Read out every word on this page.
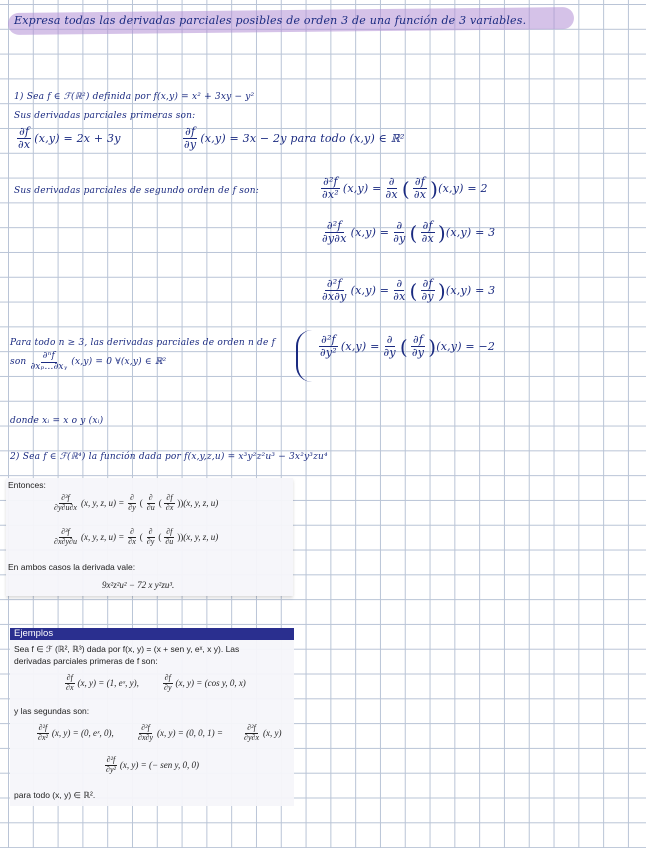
Expresa todas las derivadas parciales posibles de orden 3 de una función de 3 variables.
1) Sea f ∈ ℱ(ℝ²) definida por f(x,y) = x² + 3xy − y²
Sus derivadas parciales primeras son:
$\frac{\partial f}{\partial x} (x,y) = 2x + 3y$	$\frac{\partial f}{\partial y} (x,y) = 3x - 2y$ para todo (x,y) ∈ ℝ²
Sus derivadas parciales de segundo orden de f son:	$\frac{\text{∂²f}}{\text{∂x²}} (x,y) = \frac{\partial}{\partial x}$ ( $\frac{\partial f}{\partial x}$ ) (x,y) = 2
$\frac{\text{∂²f}}{\partial y\partial x} (x,y) = \frac{\partial}{\partial y}$ ( $\frac{\partial f}{\partial x}$ ) (x,y) = 3
$\frac{\text{∂²f}}{\partial x\partial y} (x,y) = \frac{\partial}{\partial x}$ ( $\frac{\partial f}{\partial y}$ ) (x,y) = 3
$\frac{\text{∂²f}}{\text{∂y²}} (x,y) = \frac{\partial}{\partial y}$ ( $\frac{\partial f}{\partial y}$ ) (x,y) = −2
Para todo n ≥ 3, las derivadas parciales de orden n de f
son $\frac{\text{∂ⁿf}}{\text{∂xₚ…∂xᵧ}} (x,y) = 0$ ∀(x,y) ∈ ℝ²
donde xᵢ = x o y (xᵢ)
2) Sea f ∈ ℱ(ℝ⁴) la función dada por f(x,y,z,u) = x³y²z²u³ − 3x²y³zu⁴
Entonces:
$\frac{\text{∂³f}}{\partial y\partial u\partial x} (x$, y, z, $u) = \frac{\partial}{\partial y}$ ( $\frac{\partial}{\partial u}$ ( $\frac{\partial f}{\partial x}$ )) (x, y, z, u)
$\frac{\text{∂³f}}{\partial x\partial y\partial u} (x$, y, z, $u) = \frac{\partial}{\partial x}$ ( $\frac{\partial}{\partial y}$ ( $\frac{\partial f}{\partial u}$ )) (x, y, z, u)
En ambos casos la derivada vale:
9x²z²u² − 72 x y²zu³.
Ejemplos
Sea f ∈ ℱ (ℝ², ℝ³) dada por f(x, y) = (x + sen y, eˣ, x y). Las
derivadas parciales primeras de f son:
$\frac{\partial f}{\partial x} (x$, y) = (1, eˣ, y),	$\frac{\partial f}{\partial y} (x$, y) = (cos y, 0, x)
y las segundas son:
$\frac{\text{∂²f}}{\text{∂x²}} (x$, y) = (0, eˣ, 0),	$\frac{\text{∂²f}}{\partial x\partial y} (x$, y) = (0, 0, $1) = \frac{\text{∂²f}}{\partial y\partial x} (x$, y)
$\frac{\text{∂²f}}{\text{∂y²}} (x$, y) = (− sen y, 0, 0)
para todo (x, y) ∈ ℝ².
